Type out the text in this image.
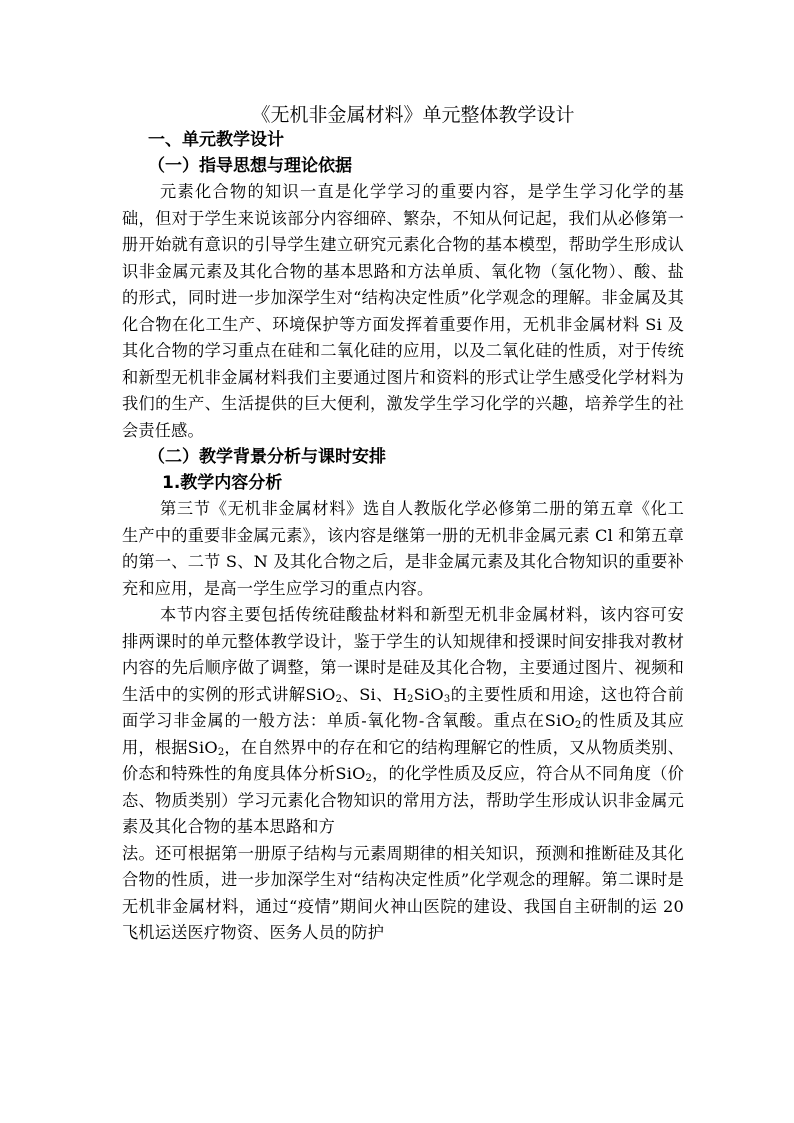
《无机非金属材料》单元整体教学设计
一、单元教学设计
（一）指导思想与理论依据

元素化合物的知识一直是化学学习的重要内容，是学生学习化学的基础，但对于学生来说该部分内容细碎、繁杂，不知从何记起，我们从必修第一册开始就有意识的引导学生建立研究元素化合物的基本模型，帮助学生形成认识非金属元素及其化合物的基本思路和方法单质、氧化物（氢化物）、酸、盐的形式，同时进一步加深学生对“结构决定性质”化学观念的理解。非金属及其化合物在化工生产、环境保护等方面发挥着重要作用，无机非金属材料 Si 及其化合物的学习重点在硅和二氧化硅的应用，以及二氧化硅的性质，对于传统和新型无机非金属材料我们主要通过图片和资料的形式让学生感受化学材料为我们的生产、生活提供的巨大便利，激发学生学习化学的兴趣，培养学生的社会责任感。

（二）教学背景分析与课时安排
1.教学内容分析

第三节《无机非金属材料》选自人教版化学必修第二册的第五章《化工生产中的重要非金属元素》，该内容是继第一册的无机非金属元素 Cl 和第五章的第一、二节 S、N 及其化合物之后，是非金属元素及其化合物知识的重要补充和应用，是高一学生应学习的重点内容。

本节内容主要包括传统硅酸盐材料和新型无机非金属材料，该内容可安排两课时的单元整体教学设计，鉴于学生的认知规律和授课时间安排我对教材内容的先后顺序做了调整，第一课时是硅及其化合物，主要通过图片、视频和生活中的实例的形式讲解SiO$_2$、Si、$H_2SiO_3$的主要性质和用途，这也符合前面学习非金属的一般方法：单质-氧化物-含氧酸。重点在SiO$_2$的性质及其应用，根据SiO$_2$，在自然界中的存在和它的结构理解它的性质，又从物质类别、价态和特殊性的角度具体分析SiO$_2$，的化学性质及反应，符合从不同角度（价态、物质类别）学习元素化合物知识的常用方法，帮助学生形成认识非金属元素及其化合物的基本思路和方

法。还可根据第一册原子结构与元素周期律的相关知识，预测和推断硅及其化合物的性质，进一步加深学生对“结构决定性质”化学观念的理解。第二课时是无机非金属材料，通过“疫情”期间火神山医院的建设、我国自主研制的运 20 飞机运送医疗物资、医务人员的防护
